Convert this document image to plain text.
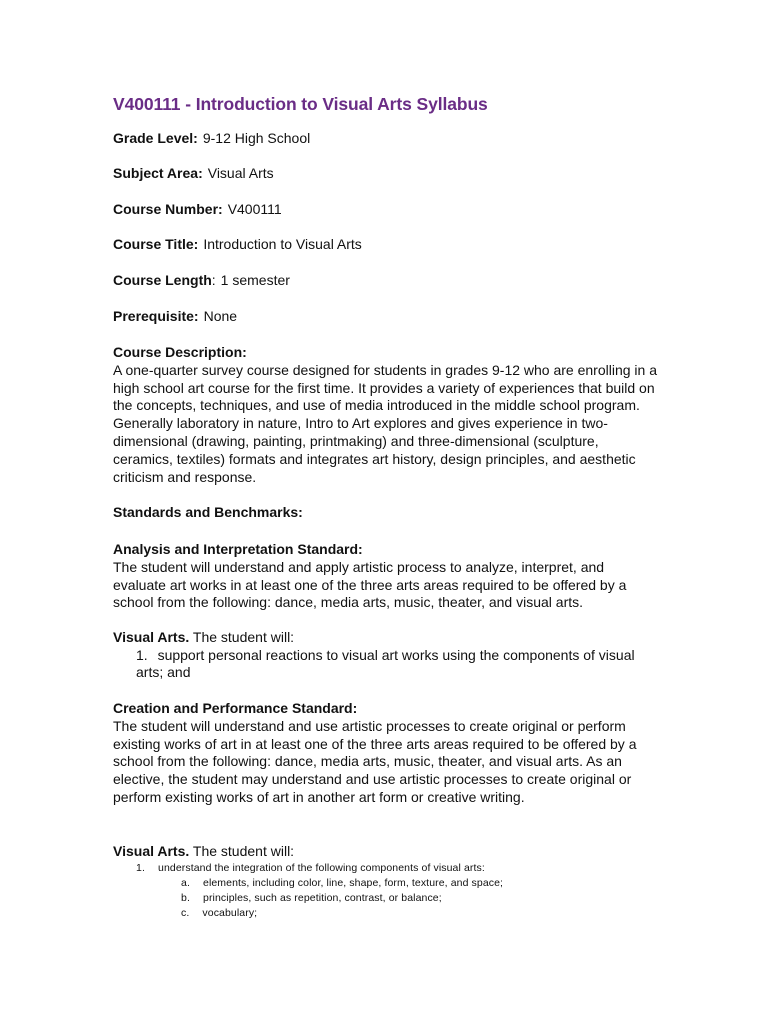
V400111 - Introduction to Visual Arts Syllabus

Grade Level: 9-12 High School

Subject Area: Visual Arts

Course Number: V400111

Course Title: Introduction to Visual Arts

Course Length: 1 semester

Prerequisite: None

Course Description:
A one-quarter survey course designed for students in grades 9-12 who are enrolling in a high school art course for the first time. It provides a variety of experiences that build on the concepts, techniques, and use of media introduced in the middle school program. Generally laboratory in nature, Intro to Art explores and gives experience in two-dimensional (drawing, painting, printmaking) and three-dimensional (sculpture, ceramics, textiles) formats and integrates art history, design principles, and aesthetic criticism and response.

Standards and Benchmarks:

Analysis and Interpretation Standard:
The student will understand and apply artistic process to analyze, interpret, and evaluate art works in at least one of the three arts areas required to be offered by a school from the following: dance, media arts, music, theater, and visual arts.

Visual Arts. The student will:

1. support personal reactions to visual art works using the components of visual arts; and
Creation and Performance Standard:
The student will understand and use artistic processes to create original or perform existing works of art in at least one of the three arts areas required to be offered by a school from the following: dance, media arts, music, theater, and visual arts. As an elective, the student may understand and use artistic processes to create original or perform existing works of art in another art form or creative writing.

Visual Arts. The student will:

1. understand the integration of the following components of visual arts:

a. elements, including color, line, shape, form, texture, and space;

b. principles, such as repetition, contrast, or balance;

c. vocabulary;
